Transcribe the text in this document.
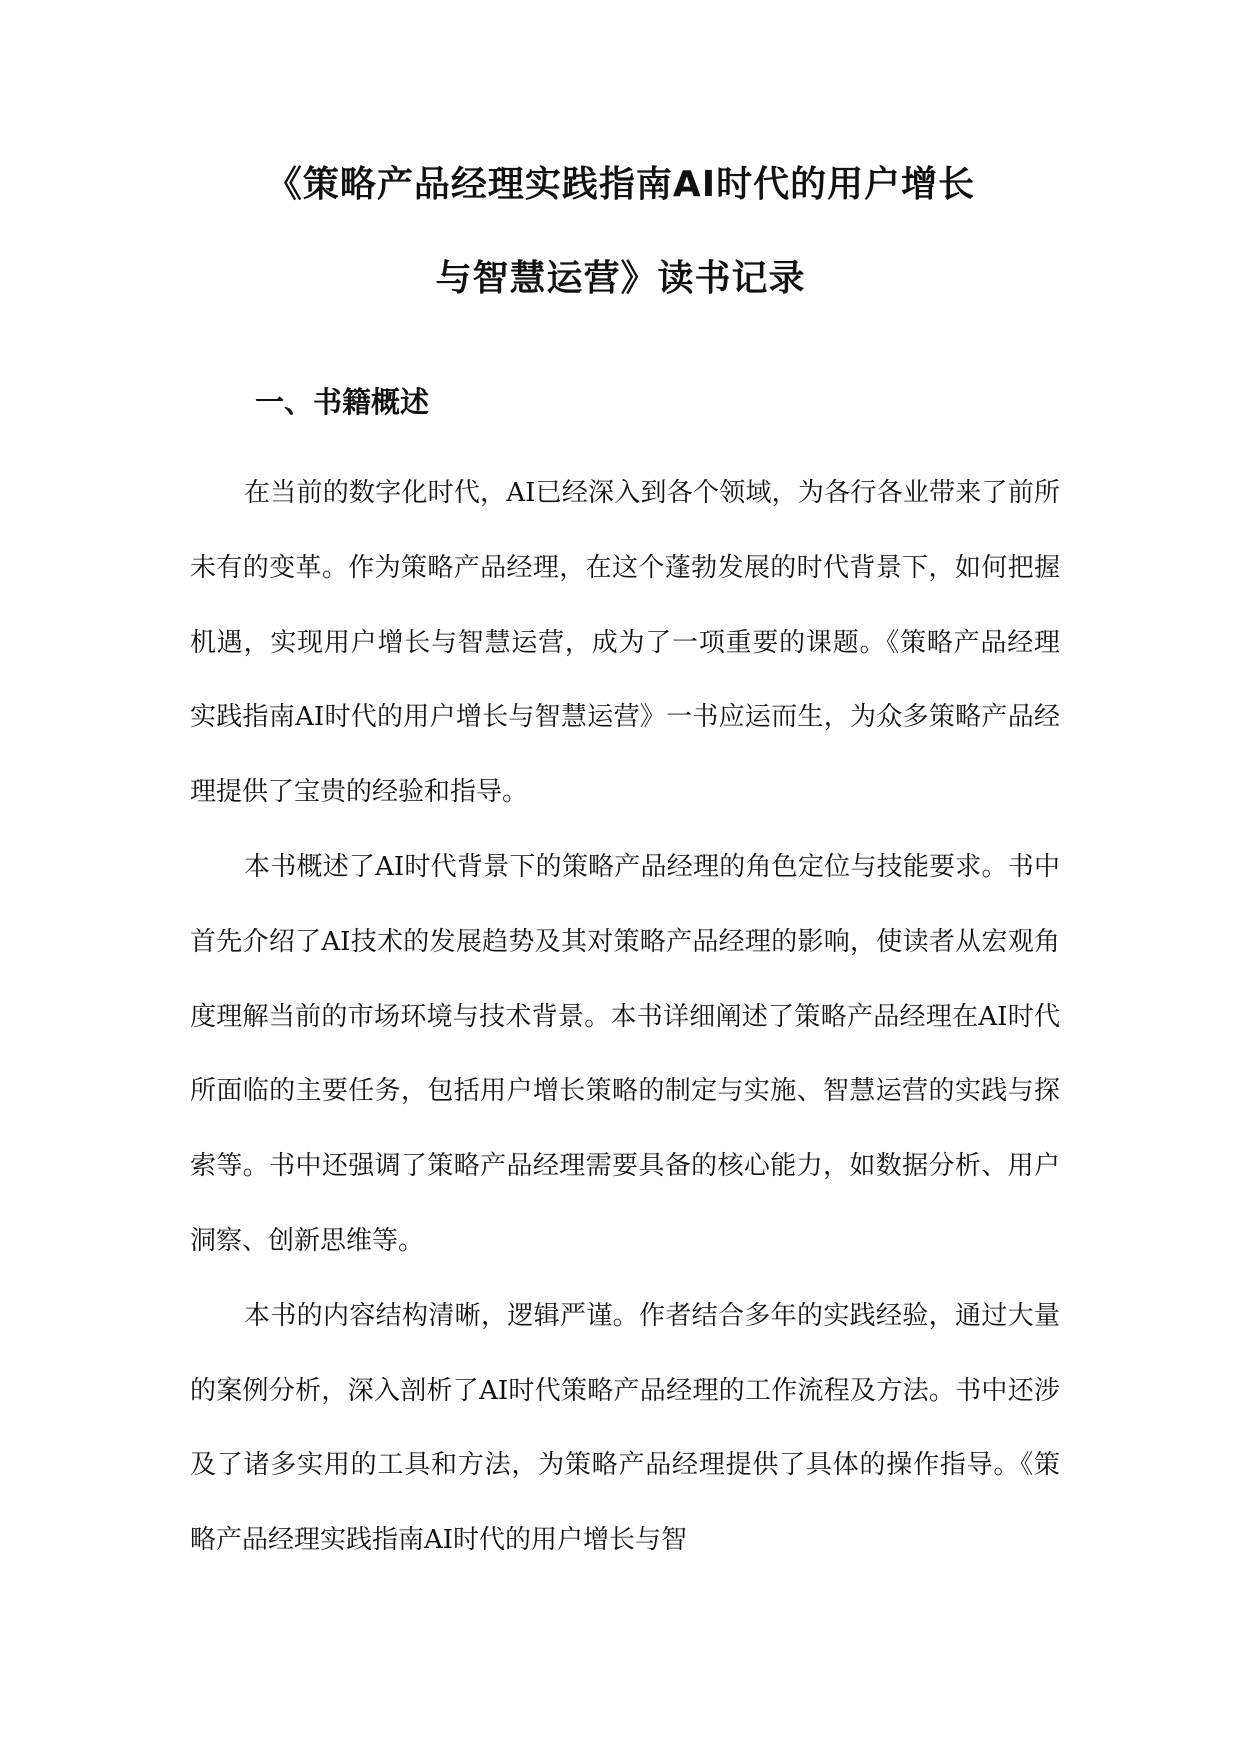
《策略产品经理实践指南AI时代的用户增长
与智慧运营》读书记录
一、书籍概述

在当前的数字化时代，AI已经深入到各个领域，为各行各业带来了前所未有的变革。作为策略产品经理，在这个蓬勃发展的时代背景下，如何把握机遇，实现用户增长与智慧运营，成为了一项重要的课题。《策略产品经理实践指南AI时代的用户增长与智慧运营》一书应运而生，为众多策略产品经理提供了宝贵的经验和指导。

本书概述了AI时代背景下的策略产品经理的角色定位与技能要求。书中首先介绍了AI技术的发展趋势及其对策略产品经理的影响，使读者从宏观角度理解当前的市场环境与技术背景。本书详细阐述了策略产品经理在AI时代所面临的主要任务，包括用户增长策略的制定与实施、智慧运营的实践与探索等。书中还强调了策略产品经理需要具备的核心能力，如数据分析、用户洞察、创新思维等。

本书的内容结构清晰，逻辑严谨。作者结合多年的实践经验，通过大量的案例分析，深入剖析了AI时代策略产品经理的工作流程及方法。书中还涉及了诸多实用的工具和方法，为策略产品经理提供了具体的操作指导。《策略产品经理实践指南AI时代的用户增长与智
